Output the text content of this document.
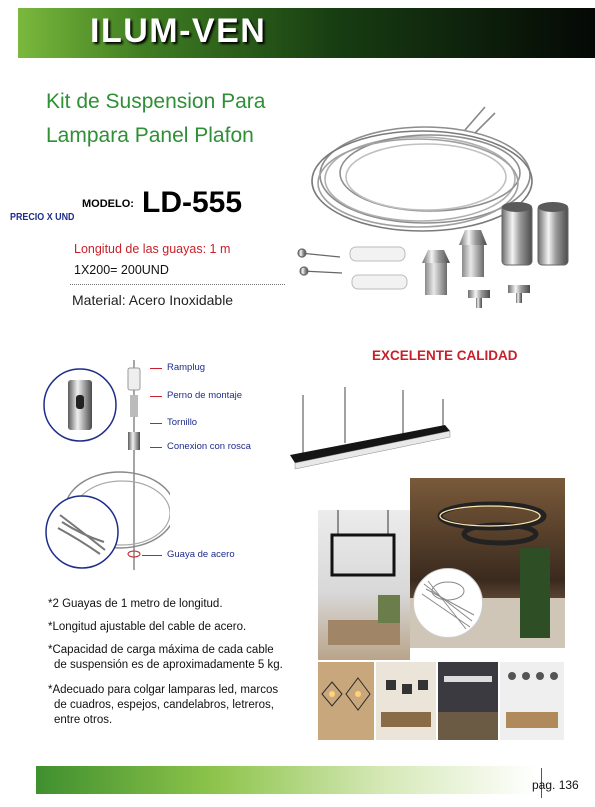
ILUM-VEN
Kit de Suspension Para
Lampara Panel Plafon
PRECIO X UND
MODELO: LD-555
Longitud de las guayas: 1 m
1X200= 200UND
Material: Acero Inoxidable
Ramplug
Perno de montaje
Tornillo
Conexion con rosca
Guaya de acero
EXCELENTE CALIDAD
*2 Guayas de 1 metro de longitud.
*Longitud ajustable del cable de acero.
*Capacidad de carga máxima de cada cable
de suspensión es de aproximadamente 5 kg.
*Adecuado para colgar lamparas led, marcos
de cuadros, espejos, candelabros, letreros,
entre otros.
pag. 136
